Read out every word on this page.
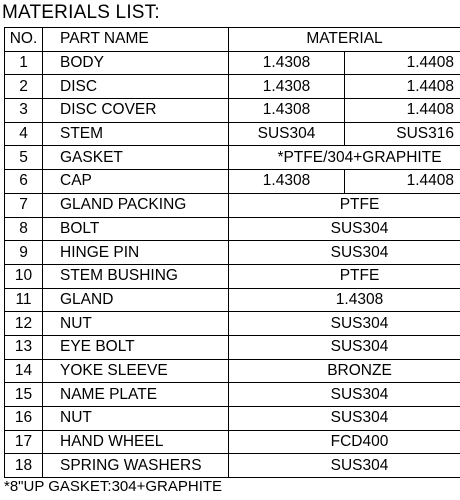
MATERIALS LIST:
NO.	PART NAME	MATERIAL	
1	BODY	1.4308	1.4408
2	DISC	1.4308	1.4408
3	DISC COVER	1.4308	1.4408
4	STEM	SUS304	SUS316
5	GASKET	*PTFE/304+GRAPHITE	
6	CAP	1.4308	1.4408
7	GLAND PACKING	PTFE	
8	BOLT	SUS304	
9	HINGE PIN	SUS304	
10	STEM BUSHING	PTFE	
11	GLAND	1.4308	
12	NUT	SUS304	
13	EYE BOLT	SUS304	
14	YOKE SLEEVE	BRONZE	
15	NAME PLATE	SUS304	
16	NUT	SUS304	
17	HAND WHEEL	FCD400	
18	SPRING WASHERS	SUS304	
*8"UP GASKET:304+GRAPHITE
